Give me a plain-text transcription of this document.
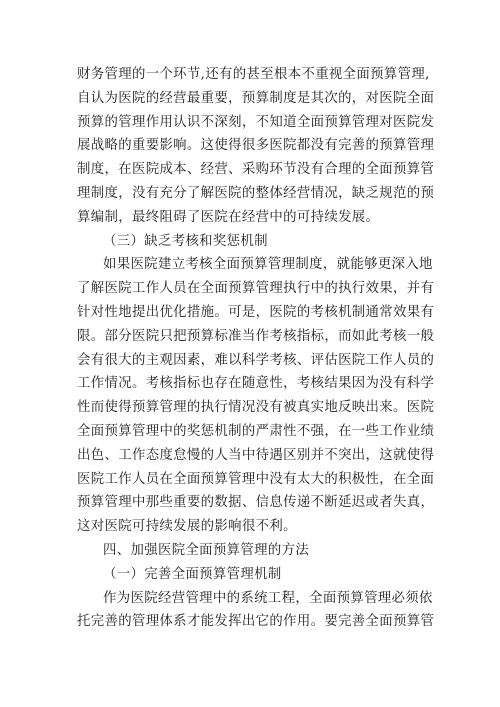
财务管理的一个环节,还有的甚至根本不重视全面预算管理,
自认为医院的经营最重要，预算制度是其次的，对医院全面
预算的管理作用认识不深刻，不知道全面预算管理对医院发
展战略的重要影响。这使得很多医院都没有完善的预算管理
制度，在医院成本、经营、采购环节没有合理的全面预算管
理制度，没有充分了解医院的整体经营情况，缺乏规范的预
算编制，最终阻碍了医院在经营中的可持续发展。
（三）缺乏考核和奖惩机制
如果医院建立考核全面预算管理制度，就能够更深入地
了解医院工作人员在全面预算管理执行中的执行效果，并有
针对性地提出优化措施。可是，医院的考核机制通常效果有
限。部分医院只把预算标准当作考核指标，而如此考核一般
会有很大的主观因素，难以科学考核、评估医院工作人员的
工作情况。考核指标也存在随意性，考核结果因为没有科学
性而使得预算管理的执行情况没有被真实地反映出来。医院
全面预算管理中的奖惩机制的严肃性不强，在一些工作业绩
出色、工作态度怠慢的人当中待遇区别并不突出，这就使得
医院工作人员在全面预算管理中没有太大的积极性，在全面
预算管理中那些重要的数据、信息传递不断延迟或者失真，
这对医院可持续发展的影响很不利。
四、加强医院全面预算管理的方法
（一）完善全面预算管理机制
作为医院经营管理中的系统工程，全面预算管理必须依
托完善的管理体系才能发挥出它的作用。要完善全面预算管
